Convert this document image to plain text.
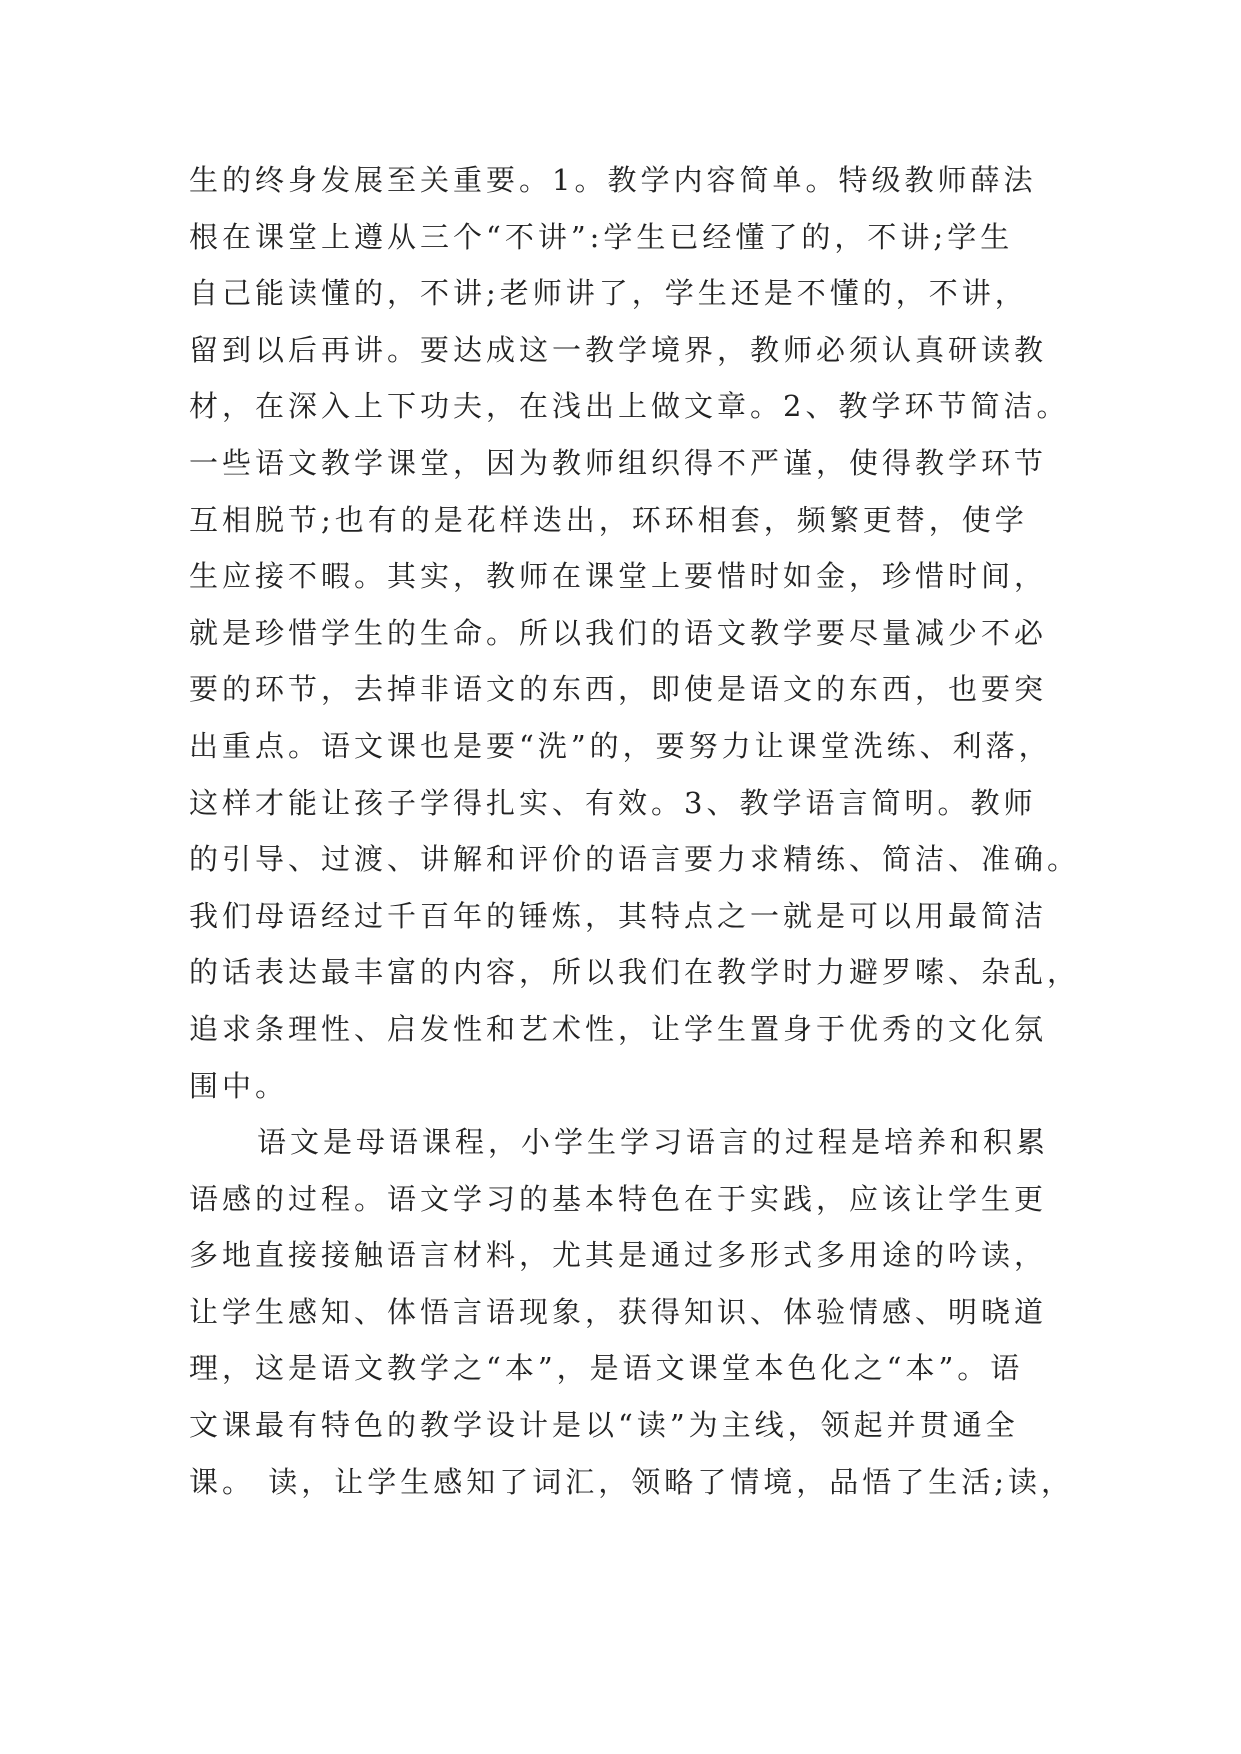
生的终身发展至关重要。1。教学内容简单。特级教师薛法
根在课堂上遵从三个“不讲”:学生已经懂了的，不讲;学生
自己能读懂的，不讲;老师讲了，学生还是不懂的，不讲，
留到以后再讲。要达成这一教学境界，教师必须认真研读教
材，在深入上下功夫，在浅出上做文章。2、教学环节简洁。
一些语文教学课堂，因为教师组织得不严谨，使得教学环节
互相脱节;也有的是花样迭出，环环相套，频繁更替，使学
生应接不暇。其实，教师在课堂上要惜时如金，珍惜时间，
就是珍惜学生的生命。所以我们的语文教学要尽量减少不必
要的环节，去掉非语文的东西，即使是语文的东西，也要突
出重点。语文课也是要“洗”的，要努力让课堂洗练、利落，
这样才能让孩子学得扎实、有效。3、教学语言简明。教师
的引导、过渡、讲解和评价的语言要力求精练、简洁、准确。
我们母语经过千百年的锤炼，其特点之一就是可以用最简洁
的话表达最丰富的内容，所以我们在教学时力避罗嗦、杂乱，
追求条理性、启发性和艺术性，让学生置身于优秀的文化氛
围中。
语文是母语课程，小学生学习语言的过程是培养和积累
语感的过程。语文学习的基本特色在于实践，应该让学生更
多地直接接触语言材料，尤其是通过多形式多用途的吟读，
让学生感知、体悟言语现象，获得知识、体验情感、明晓道
理，这是语文教学之“本”，是语文课堂本色化之“本”。语
文课最有特色的教学设计是以“读”为主线，领起并贯通全
课。 读，让学生感知了词汇，领略了情境，品悟了生活;读，
